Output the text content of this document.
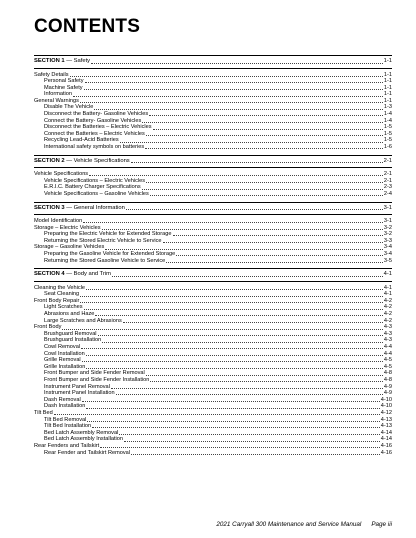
CONTENTS
SECTION 1 — Safety	1-1
Safety Details	1-1
Personal Safety	1-1
Machine Safety	1-1
Information	1-1
General Warnings	1-1
Disable The Vehicle	1-3
Disconnect the Battery- Gasoline Vehicles	1-4
Connect the Battery- Gasoline Vehicles	1-4
Disconnect the Batteries – Electric Vehicles	1-5
Connect the Batteries – Electric Vehicles	1-5
Recycling Lead-Acid Batteries	1-5
International safety symbols on batteries	1-6
SECTION 2 — Vehicle Specifications	2-1
Vehicle Specifications	2-1
Vehicle Specifications – Electric Vehicles	2-1
E.R.I.C. Battery Charger Specifications	2-3
Vehicle Specifications – Gasoline Vehicles	2-4
SECTION 3 — General Information	3-1
Model Identification	3-1
Storage – Electric Vehicles	3-2
Preparing the Electric Vehicle for Extended Storage	3-2
Returning the Stored Electric Vehicle to Service	3-3
Storage – Gasoline Vehicles	3-4
Preparing the Gasoline Vehicle for Extended Storage	3-4
Returning the Stored Gasoline Vehicle to Service	3-5
SECTION 4 — Body and Trim	4-1
Cleaning the Vehicle	4-1
Seat Cleaning	4-1
Front Body Repair	4-2
Light Scratches	4-2
Abrasions and Haze	4-2
Large Scratches and Abrasions	4-2
Front Body	4-3
Brushguard Removal	4-3
Brushguard Installation	4-3
Cowl Removal	4-4
Cowl Installation	4-4
Grille Removal	4-5
Grille Installation	4-5
Front Bumper and Side Fender Removal	4-8
Front Bumper and Side Fender Installation	4-8
Instrument Panel Removal	4-9
Instrument Panel Installation	4-9
Dash Removal	4-10
Dash Installation	4-10
Tilt Bed	4-12
Tilt Bed Removal	4-13
Tilt Bed Installation	4-13
Bed Latch Assembly Removal	4-14
Bed Latch Assembly Installation	4-14
Rear Fenders and Tailskirt	4-16
Rear Fender and Tailskirt Removal	4-16
2021 Carryall 300 Maintenance and Service Manual Page iii
